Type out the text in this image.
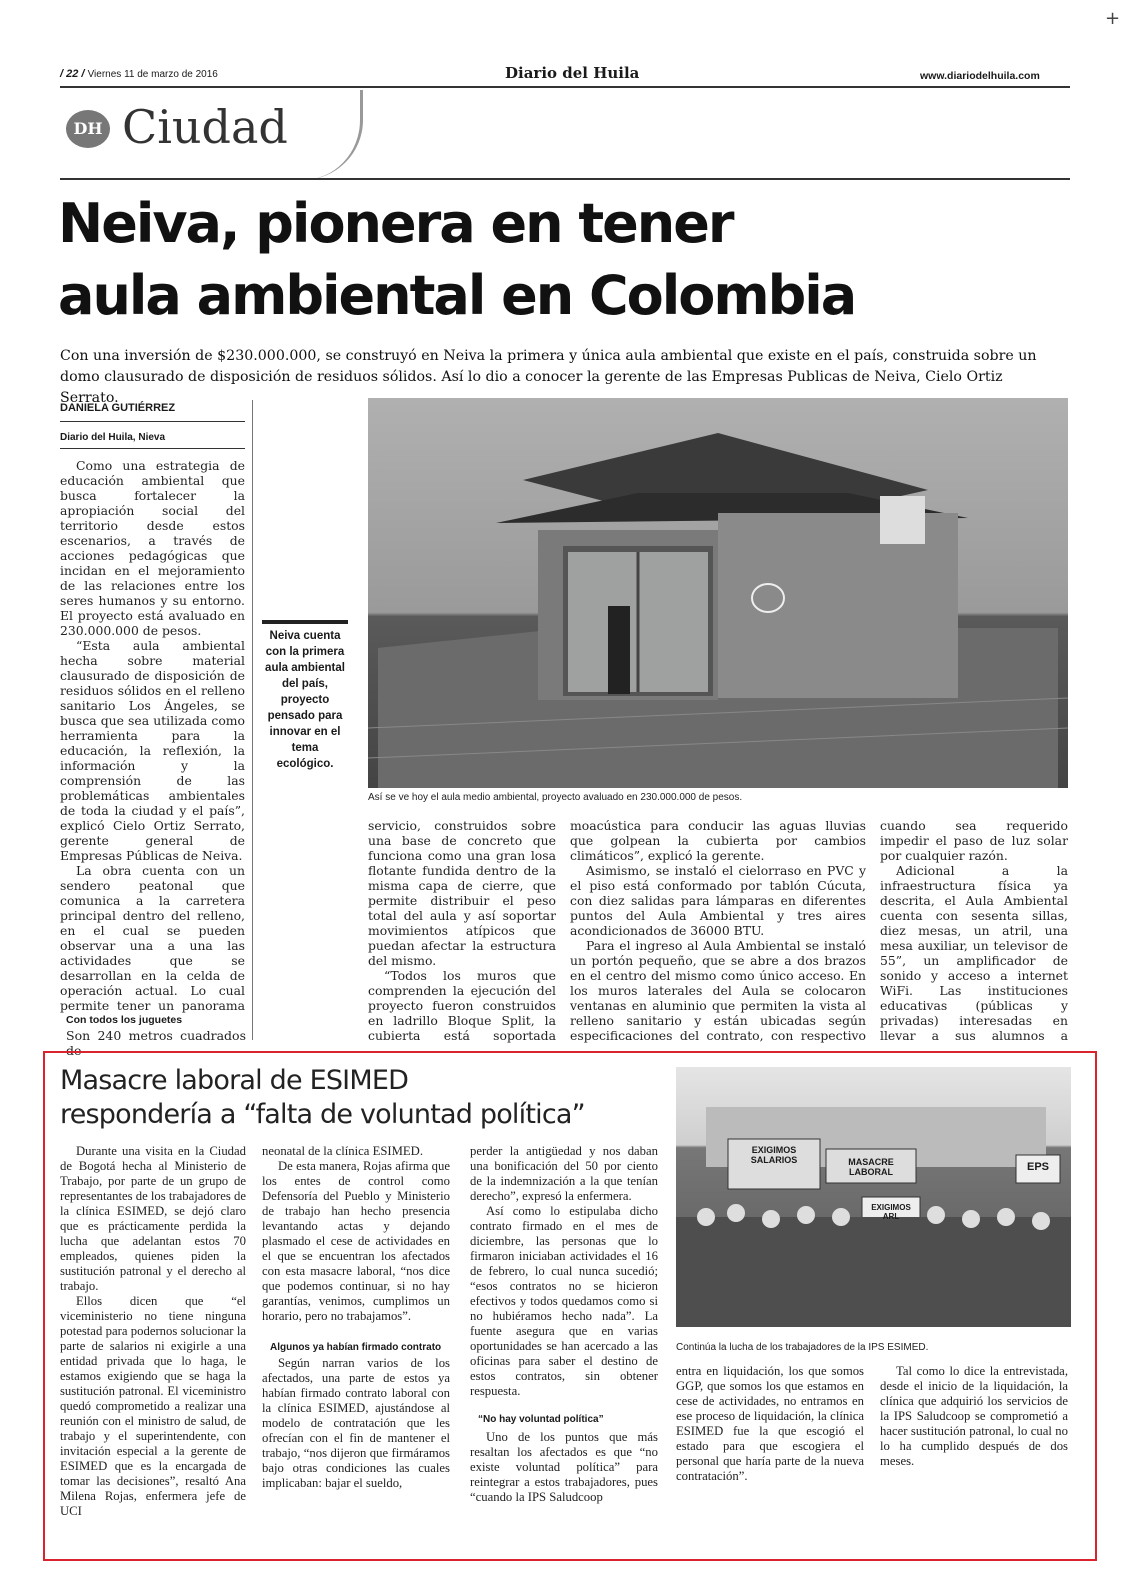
+
/ 22 / Viernes 11 de marzo de 2016	Diario del Huila	www.diariodelhuila.com
DH Ciudad
Neiva, pionera en tener
aula ambiental en Colombia
Con una inversión de $230.000.000, se construyó en Neiva la primera y única aula ambiental que existe en el país, construida sobre un domo clausurado de disposición de residuos sólidos. Así lo dio a conocer la gerente de las Empresas Publicas de Neiva, Cielo Ortiz Serrato.
DANIELA GUTIÉRREZ
Diario del Huila, Nieva

Como una estrategia de educación ambiental que busca fortalecer la apropiación social del territorio desde estos escenarios, a través de acciones pedagógicas que incidan en el mejoramiento de las relaciones entre los seres humanos y su entorno. El proyecto está avaluado en 230.000.000 de pesos.

“Esta aula ambiental hecha sobre material clausurado de disposición de residuos sólidos en el relleno sanitario Los Ángeles, se busca que sea utilizada como herramienta para la educación, la reflexión, la información y la comprensión de las problemáticas ambientales de toda la ciudad y el país”, explicó Cielo Ortiz Serrato, gerente general de Empresas Públicas de Neiva.

La obra cuenta con un sendero peatonal que comunica a la carretera principal dentro del relleno, en el cual se pueden observar una a una las actividades que se desarrollan en la celda de operación actual. Lo cual permite tener un panorama

Con todos los juguetes
Son 240 metros cuadrados de
Neiva cuenta con la primera aula ambiental del país, proyecto pensado para innovar en el tema ecológico.
Así se ve hoy el aula medio ambiental, proyecto avaluado en 230.000.000 de pesos.

servicio, construidos sobre una base de concreto que funciona como una gran losa flotante fundida dentro de la misma capa de cierre, que permite distribuir el peso total del aula y así soportar movimientos atípicos que puedan afectar la estructura del mismo.

“Todos los muros que comprenden la ejecución del proyecto fueron construidos en ladrillo Bloque Split, la cubierta está soportada

moacústica para conducir las aguas lluvias que golpean la cubierta por cambios climáticos”, explicó la gerente.

Asimismo, se instaló el cielorraso en PVC y el piso está conformado por tablón Cúcuta, con diez salidas para lámparas en diferentes puntos del Aula Ambiental y tres aires acondicionados de 36000 BTU.

Para el ingreso al Aula Ambiental se instaló un portón pequeño, que se abre a dos brazos en el centro del mismo como único acceso. En los muros laterales del Aula se colocaron ventanas en aluminio que permiten la vista al relleno sanitario y están ubicadas según especificaciones del contrato, con respectivo

cuando sea requerido impedir el paso de luz solar por cualquier razón.

Adicional a la infraestructura física ya descrita, el Aula Ambiental cuenta con sesenta sillas, diez mesas, un atril, una mesa auxiliar, un televisor de 55”, un amplificador de sonido y acceso a internet WiFi. Las instituciones educativas (públicas y privadas) interesadas en llevar a sus alumnos a

Masacre laboral de ESIMED
respondería a “falta de voluntad política”

Durante una visita en la Ciudad de Bogotá hecha al Ministerio de Trabajo, por parte de un grupo de representantes de los trabajadores de la clínica ESIMED, se dejó claro que es prácticamente perdida la lucha que adelantan estos 70 empleados, quienes piden la sustitución patronal y el derecho al trabajo.

Ellos dicen que “el viceministerio no tiene ninguna potestad para podernos solucionar la parte de salarios ni exigirle a una entidad privada que lo haga, le estamos exigiendo que se haga la sustitución patronal. El viceministro quedó comprometido a realizar una reunión con el ministro de salud, de trabajo y el superintendente, con invitación especial a la gerente de ESIMED que es la encargada de tomar las decisiones”, resaltó Ana Milena Rojas, enfermera jefe de UCI

neonatal de la clínica ESIMED.

De esta manera, Rojas afirma que los entes de control como Defensoría del Pueblo y Ministerio de trabajo han hecho presencia levantando actas y dejando plasmado el cese de actividades en el que se encuentran los afectados con esta masacre laboral, “nos dice que podemos continuar, si no hay garantías, venimos, cumplimos un horario, pero no trabajamos”.

Algunos ya habían firmado contrato

Según narran varios de los afectados, una parte de estos ya habían firmado contrato laboral con la clínica ESIMED, ajustándose al modelo de contratación que les ofrecían con el fin de mantener el trabajo, “nos dijeron que firmáramos bajo otras condiciones las cuales implicaban: bajar el sueldo,

perder la antigüedad y nos daban una bonificación del 50 por ciento de la indemnización a la que tenían derecho”, expresó la enfermera.

Así como lo estipulaba dicho contrato firmado en el mes de diciembre, las personas que lo firmaron iniciaban actividades el 16 de febrero, lo cual nunca sucedió; “esos contratos no se hicieron efectivos y todos quedamos como si no hubiéramos hecho nada”. La fuente asegura que en varias oportunidades se han acercado a las oficinas para saber el destino de estos contratos, sin obtener respuesta.

“No hay voluntad política”

Uno de los puntos que más resaltan los afectados es que “no existe voluntad política” para reintegrar a estos trabajadores, pues “cuando la IPS Saludcoop

EXIGIMOS SALARIOS	MASACRE LABORAL	EPS
EXIGIMOS ARL
Continúa la lucha de los trabajadores de la IPS ESIMED.

entra en liquidación, los que somos GGP, que somos los que estamos en cese de actividades, no entramos en ese proceso de liquidación, la clínica ESIMED fue la que escogió el estado para que escogiera el personal que haría parte de la nueva contratación”.

Tal como lo dice la entrevistada, desde el inicio de la liquidación, la clínica que adquirió los servicios de la IPS Saludcoop se comprometió a hacer sustitución patronal, lo cual no lo ha cumplido después de dos meses.
